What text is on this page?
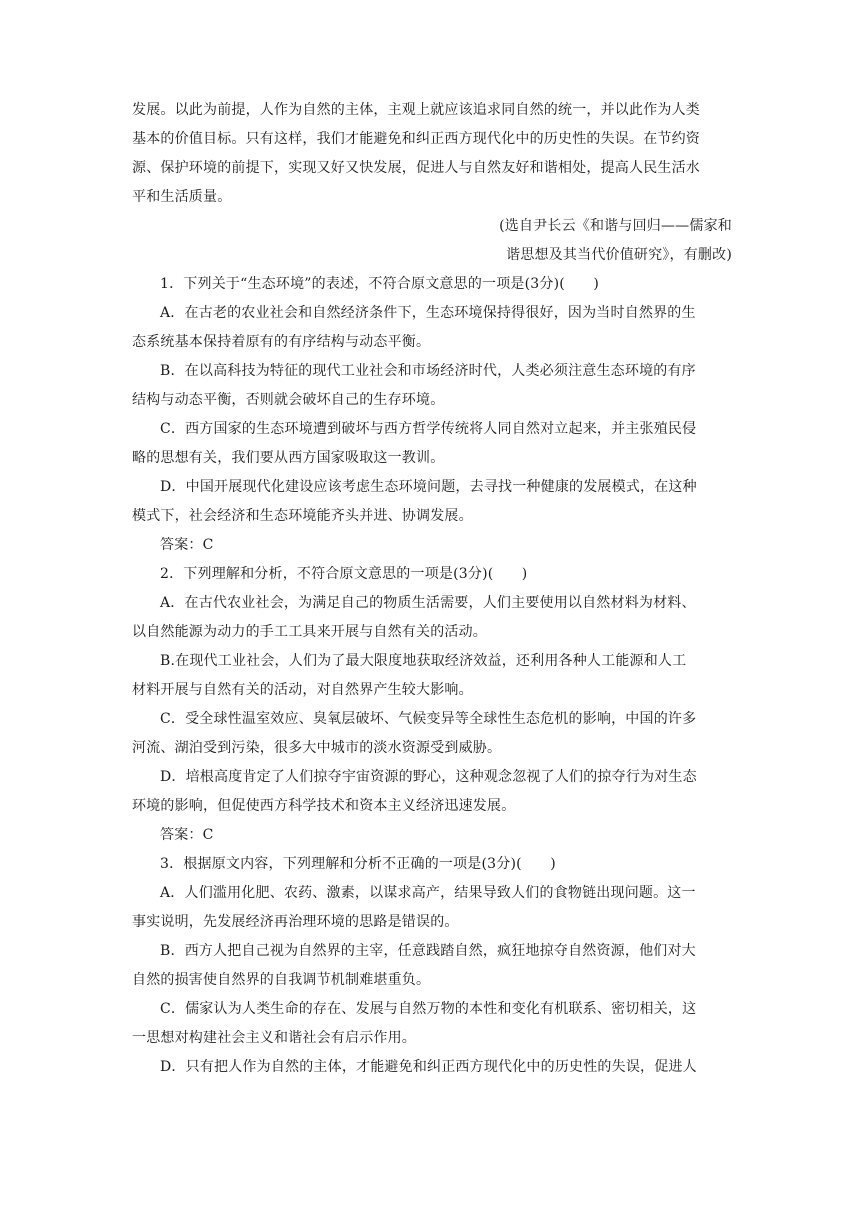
发展。以此为前提，人作为自然的主体，主观上就应该追求同自然的统一，并以此作为人类
基本的价值目标。只有这样，我们才能避免和纠正西方现代化中的历史性的失误。在节约资
源、保护环境的前提下，实现又好又快发展，促进人与自然友好和谐相处，提高人民生活水
平和生活质量。
(选自尹长云《和谐与回归——儒家和
谐思想及其当代价值研究》，有删改)
1．下列关于“生态环境”的表述，不符合原文意思的一项是(3分)(　　)
A．在古老的农业社会和自然经济条件下，生态环境保持得很好，因为当时自然界的生
态系统基本保持着原有的有序结构与动态平衡。
B．在以高科技为特征的现代工业社会和市场经济时代，人类必须注意生态环境的有序
结构与动态平衡，否则就会破坏自己的生存环境。
C．西方国家的生态环境遭到破坏与西方哲学传统将人同自然对立起来，并主张殖民侵
略的思想有关，我们要从西方国家吸取这一教训。
D．中国开展现代化建设应该考虑生态环境问题，去寻找一种健康的发展模式，在这种
模式下，社会经济和生态环境能齐头并进、协调发展。
答案：C
2．下列理解和分析，不符合原文意思的一项是(3分)(　　)
A．在古代农业社会，为满足自己的物质生活需要，人们主要使用以自然材料为材料、
以自然能源为动力的手工工具来开展与自然有关的活动。
B.在现代工业社会，人们为了最大限度地获取经济效益，还利用各种人工能源和人工
材料开展与自然有关的活动，对自然界产生较大影响。
C．受全球性温室效应、臭氧层破坏、气候变异等全球性生态危机的影响，中国的许多
河流、湖泊受到污染，很多大中城市的淡水资源受到威胁。
D．培根高度肯定了人们掠夺宇宙资源的野心，这种观念忽视了人们的掠夺行为对生态
环境的影响，但促使西方科学技术和资本主义经济迅速发展。
答案：C
3．根据原文内容，下列理解和分析不正确的一项是(3分)(　　)
A．人们滥用化肥、农药、激素，以谋求高产，结果导致人们的食物链出现问题。这一
事实说明，先发展经济再治理环境的思路是错误的。
B．西方人把自己视为自然界的主宰，任意践踏自然，疯狂地掠夺自然资源，他们对大
自然的损害使自然界的自我调节机制难堪重负。
C．儒家认为人类生命的存在、发展与自然万物的本性和变化有机联系、密切相关，这
一思想对构建社会主义和谐社会有启示作用。
D．只有把人作为自然的主体，才能避免和纠正西方现代化中的历史性的失误，促进人
